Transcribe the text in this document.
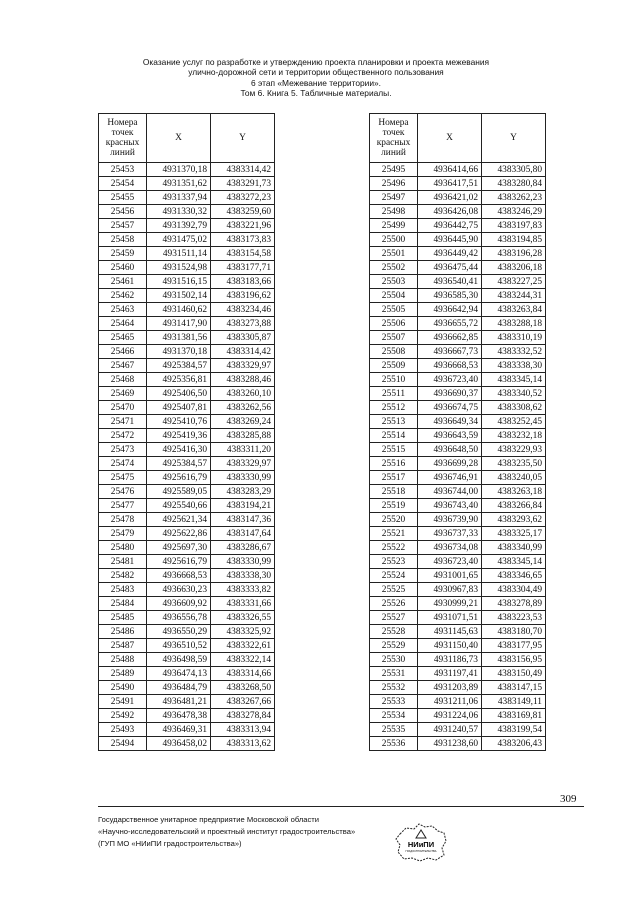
Оказание услуг по разработке и утверждению проекта планировки и проекта межевания
улично-дорожной сети и территории общественного пользования
6 этап «Межевание территории».
Том 6. Книга 5. Табличные материалы.
Номера
точек
красных
линий	X	Y
25453	4931370,18	4383314,42
25454	4931351,62	4383291,73
25455	4931337,94	4383272,23
25456	4931330,32	4383259,60
25457	4931392,79	4383221,96
25458	4931475,02	4383173,83
25459	4931511,14	4383154,58
25460	4931524,98	4383177,71
25461	4931516,15	4383183,66
25462	4931502,14	4383196,62
25463	4931460,62	4383234,46
25464	4931417,90	4383273,88
25465	4931381,56	4383305,87
25466	4931370,18	4383314,42
25467	4925384,57	4383329,97
25468	4925356,81	4383288,46
25469	4925406,50	4383260,10
25470	4925407,81	4383262,56
25471	4925410,76	4383269,24
25472	4925419,36	4383285,88
25473	4925416,30	4383311,20
25474	4925384,57	4383329,97
25475	4925616,79	4383330,99
25476	4925589,05	4383283,29
25477	4925540,66	4383194,21
25478	4925621,34	4383147,36
25479	4925622,86	4383147,64
25480	4925697,30	4383286,67
25481	4925616,79	4383330,99
25482	4936668,53	4383338,30
25483	4936630,23	4383333,82
25484	4936609,92	4383331,66
25485	4936556,78	4383326,55
25486	4936550,29	4383325,92
25487	4936510,52	4383322,61
25488	4936498,59	4383322,14
25489	4936474,13	4383314,66
25490	4936484,79	4383268,50
25491	4936481,21	4383267,66
25492	4936478,38	4383278,84
25493	4936469,31	4383313,94
25494	4936458,02	4383313,62
Номера
точек
красных
линий	X	Y
25495	4936414,66	4383305,80
25496	4936417,51	4383280,84
25497	4936421,02	4383262,23
25498	4936426,08	4383246,29
25499	4936442,75	4383197,83
25500	4936445,90	4383194,85
25501	4936449,42	4383196,28
25502	4936475,44	4383206,18
25503	4936540,41	4383227,25
25504	4936585,30	4383244,31
25505	4936642,94	4383263,84
25506	4936655,72	4383288,18
25507	4936662,85	4383310,19
25508	4936667,73	4383332,52
25509	4936668,53	4383338,30
25510	4936723,40	4383345,14
25511	4936690,37	4383340,52
25512	4936674,75	4383308,62
25513	4936649,34	4383252,45
25514	4936643,59	4383232,18
25515	4936648,50	4383229,93
25516	4936699,28	4383235,50
25517	4936746,91	4383240,05
25518	4936744,00	4383263,18
25519	4936743,40	4383266,84
25520	4936739,90	4383293,62
25521	4936737,33	4383325,17
25522	4936734,08	4383340,99
25523	4936723,40	4383345,14
25524	4931001,65	4383346,65
25525	4930967,83	4383304,49
25526	4930999,21	4383278,89
25527	4931071,51	4383223,53
25528	4931145,63	4383180,70
25529	4931150,40	4383177,95
25530	4931186,73	4383156,95
25531	4931197,41	4383150,49
25532	4931203,89	4383147,15
25533	4931211,06	4383149,11
25534	4931224,06	4383169,81
25535	4931240,57	4383199,54
25536	4931238,60	4383206,43
309
Государственное унитарное предприятие Московской области
«Научно-исследовательский и проектный институт градостроительства»
(ГУП МО «НИиПИ градостроительства»)	НИиПИ
ГРАДОСТРОИТЕЛЬСТВА
